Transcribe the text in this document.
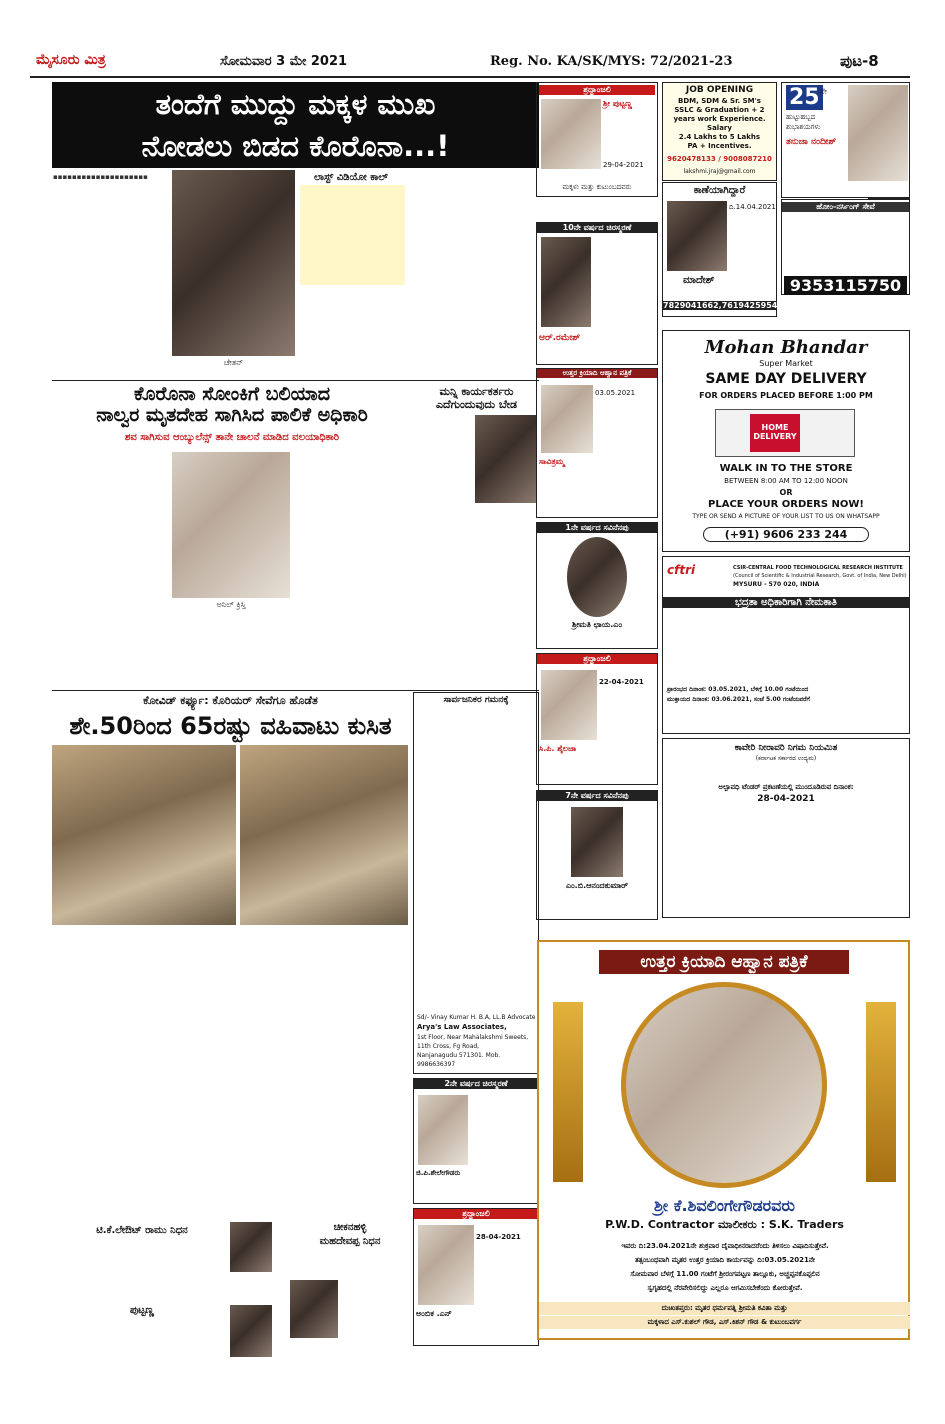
ಮೈಸೂರು ಮಿತ್ರ	ಸೋಮವಾರ 3 ಮೇ 2021	Reg. No. KA/SK/MYS: 72/2021-23	ಪುಟ-8
ತಂದೆಗೆ ಮುದ್ದು ಮಕ್ಕಳ ಮುಖ
ನೋಡಲು ಬಿಡದ ಕೊರೊನಾ...!
▪▪▪▪▪▪▪▪▪▪▪▪▪▪▪▪▪▪▪▪
ಚೇತನ್
ಲಾಸ್ಟ್ ವಿಡಿಯೋ ಕಾಲ್
ಕೊರೊನಾ ಸೋಂಕಿಗೆ ಬಲಿಯಾದ
ನಾಲ್ವರ ಮೃತದೇಹ ಸಾಗಿಸಿದ ಪಾಲಿಕೆ ಅಧಿಕಾರಿ
ಶವ ಸಾಗಿಸುವ ಆಂಬ್ಯುಲೆನ್ಸ್ ತಾನೇ ಚಾಲನೆ ಮಾಡಿದ ವಲಯಾಧಿಕಾರಿ
ಅನಿಲ್ ಕ್ರಿಸ್ತಿ
ಮನ್ನಿ ಕಾರ್ಯಕರ್ತರು
ಎದೆಗುಂದುವುದು ಬೇಡ
ಕೋವಿಡ್ ಕರ್ಫ್ಯೂ: ಕೊರಿಯರ್ ಸೇವೆಗೂ ಹೊಡೆತ
ಶೇ.50ರಿಂದ 65ರಷ್ಟು ವಹಿವಾಟು ಕುಸಿತ
ಸಾರ್ವಜನಿಕರ ಗಮನಕ್ಕೆ
Sd/- Vinay Kumar H. B.A, LL.B Advocate
Arya's Law Associates,
1st Floor, Near Mahalakshmi Sweets,
11th Cross, Fg Road,
Nanjanagudu 571301. Mob. 9986636397
ಟಿ.ಕೆ.ಲೇಔಟ್ ರಾಮು ನಿಧನ
ಪುಟ್ಟಣ್ಣ
ಚೀಕನಹಳ್ಳಿ
ಮಹದೇವಪ್ಪ ನಿಧನ
ಶ್ರದ್ಧಾಂಜಲಿ
ಶ್ರೀ ಪುಟ್ಟಣ್ಣ
29-04-2021
ಮಕ್ಕಳು ಮತ್ತು ಕುಟುಂಬದವರು
JOB OPENING
BDM, SDM & Sr. SM's
SSLC & Graduation + 2
years work Experience.
Salary
2.4 Lakhs to 5 Lakhs
PA + Incentives.
9620478133 / 9008087210
lakshmi.jraj@gmail.com
25 ನೇ
ಹುಟ್ಟುಹಬ್ಬದ
ಶುಭಾಶಯಗಳು
ತನುಜಾ ನಂದೀಶ್
ಹೋಂ-ನರ್ಸಿಂಗ್ ಸೇವೆ
9353115750
ಕಾಣೆಯಾಗಿದ್ದಾರೆ
ದಿ.14.04.2021
ಮಾದೇಶ್
7829041662,7619425954
10ನೇ ವರ್ಷದ ಚಿರಸ್ಮರಣೆ
ಆರ್.ರಮೇಶ್
ಉತ್ತರ ಕ್ರಿಯಾದಿ ಆಹ್ವಾನ ಪತ್ರಿಕೆ
03.05.2021
ಸಾವಿತ್ರಮ್ಮ
1ನೇ ವರ್ಷದ ಸವಿನೆನಪು
ಶ್ರೀಮತಿ ಛಾಯ.ಎಂ
ಶ್ರದ್ಧಾಂಜಲಿ
22-04-2021
ಸಿ.ಪಿ. ಶೈಲಜಾ
7ನೇ ವರ್ಷದ ಸವಿನೆನಪು
ಎಂ.ಬಿ.ಆನಂದಕುಮಾರ್
2ನೇ ವರ್ಷದ ಚಿರಸ್ಮರಣೆ
ಜಿ.ಪಿ.ಶೇಲೇಗೌಡರು
ಶ್ರದ್ಧಾಂಜಲಿ
28-04-2021
ಅಂಬಿಕ .ಎನ್
Mohan Bhandar
Super Market
SAME DAY DELIVERY
FOR ORDERS PLACED BEFORE 1:00 PM
HOME
DELIVERY
WALK IN TO THE STORE
BETWEEN 8:00 AM TO 12:00 NOON
OR
PLACE YOUR ORDERS NOW!
TYPE OR SEND A PICTURE OF YOUR LIST TO US ON WHATSAPP
(+91) 9606 233 244
cftri	CSIR-CENTRAL FOOD TECHNOLOGICAL RESEARCH INSTITUTE
(Council of Scientific & Industrial Research, Govt. of India, New Delhi)
MYSURU - 570 020, INDIA
ಭದ್ರತಾ ಅಧಿಕಾರಿಗಾಗಿ ನೇಮಕಾತಿ
ಪ್ರಾರಂಭದ ದಿನಾಂಕ: 03.05.2021, ಬೆಳಿಗ್ಗೆ 10.00 ಗಂಟೆಯಿಂದ
ಮುಕ್ತಾಯದ ದಿನಾಂಕ: 03.06.2021, ಸಂಜೆ 5.00 ಗಂಟೆಯವರೆಗೆ
ಕಾವೇರಿ ನೀರಾವರಿ ನಿಗಮ ನಿಯಮಿತ
(ಕರ್ನಾಟಕ ಸರ್ಕಾರದ ಉದ್ಯಮ)
ಅಲ್ಪಾವಧಿ ಟೆಂಡರ್ ಪ್ರಕಟಣೆಯಲ್ಲಿ ಮುಂದೂಡಿರುವ ದಿನಾಂಕ:
28-04-2021
ಉತ್ತರ ಕ್ರಿಯಾದಿ ಆಹ್ವಾನ ಪತ್ರಿಕೆ
ಶ್ರೀ ಕೆ.ಶಿವಲಿಂಗೇಗೌಡರವರು
P.W.D. Contractor ಮಾಲೀಕರು : S.K. Traders
ಇವರು ದಿ:23.04.2021ನೇ ಶುಕ್ರವಾರ ದೈವಾಧೀನರಾದರೆಂದು ತಿಳಿಸಲು ವಿಷಾದಿಸುತ್ತೇವೆ.
ತತ್ಸಂಬಂಧವಾಗಿ ಮೃತರ ಉತ್ತರ ಕ್ರಿಯಾದಿ ಕಾರ್ಯವನ್ನು ದಿ:03.05.2021ನೇ
ಸೋಮವಾರ ಬೆಳಗ್ಗೆ 11.00 ಗಂಟೆಗೆ ಶ್ರೀರಂಗಪಟ್ಟಣ ತಾಲ್ಲೂಕು, ಅಚ್ಚಪ್ಪನಕೊಪ್ಪಲಿನ
ಸ್ವಗೃಹದಲ್ಲಿ ನೆರವೇರಿಸಲಿದ್ದು ಎಲ್ಲರೂ ಆಗಮಿಸಬೇಕೆಂದು ಕೋರುತ್ತೇವೆ.
ದುಃಖತಪ್ತರು: ಮೃತರ ಧರ್ಮಪತ್ನಿ ಶ್ರೀಮತಿ ಕವಿತಾ ಮತ್ತು
ಮಕ್ಕಳಾದ ಎಸ್.ಕುಶಲ್ ಗೌಡ, ಎಸ್.ಕಿಶನ್ ಗೌಡ & ಕುಟುಂಬವರ್ಗ
